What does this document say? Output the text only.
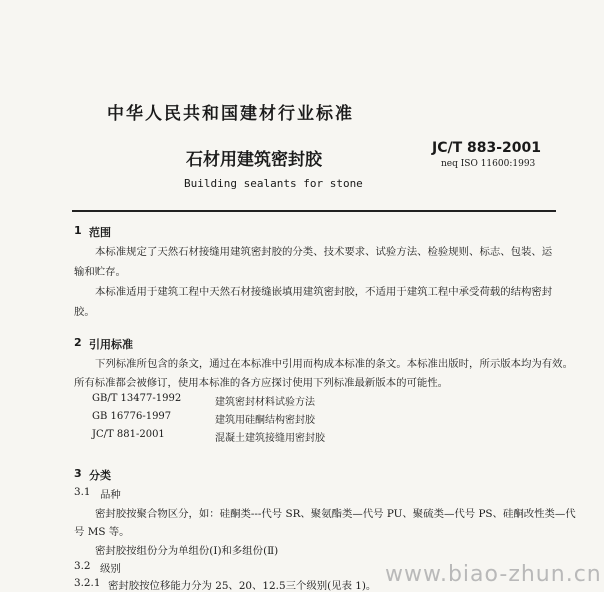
中华人民共和国建材行业标准
石材用建筑密封胶
JC/T 883-2001
neq ISO 11600:1993
Building sealants for stone
1 范围
本标准规定了天然石材接缝用建筑密封胶的分类、技术要求、试验方法、检验规则、标志、包装、运
输和贮存。
本标准适用于建筑工程中天然石材接缝嵌填用建筑密封胶，不适用于建筑工程中承受荷载的结构密封
胶。
2 引用标准
下列标准所包含的条文，通过在本标准中引用而构成本标准的条文。本标准出版时，所示版本均为有效。
所有标准都会被修订，使用本标准的各方应探讨使用下列标准最新版本的可能性。
GB/T 13477-1992	建筑密封材料试验方法
GB 16776-1997	建筑用硅酮结构密封胶
JC/T 881-2001	混凝土建筑接缝用密封胶
3 分类
3.1 品种
密封胶按聚合物区分，如：硅酮类---代号 SR、聚氨酯类—代号 PU、聚硫类—代号 PS、硅酮改性类—代
号 MS 等。
密封胶按组份分为单组份(Ⅰ)和多组份(Ⅱ)
3.2 级别
3.2.1 密封胶按位移能力分为 25、20、12.5三个级别(见表 1)。 www.biao-zhun.cn
